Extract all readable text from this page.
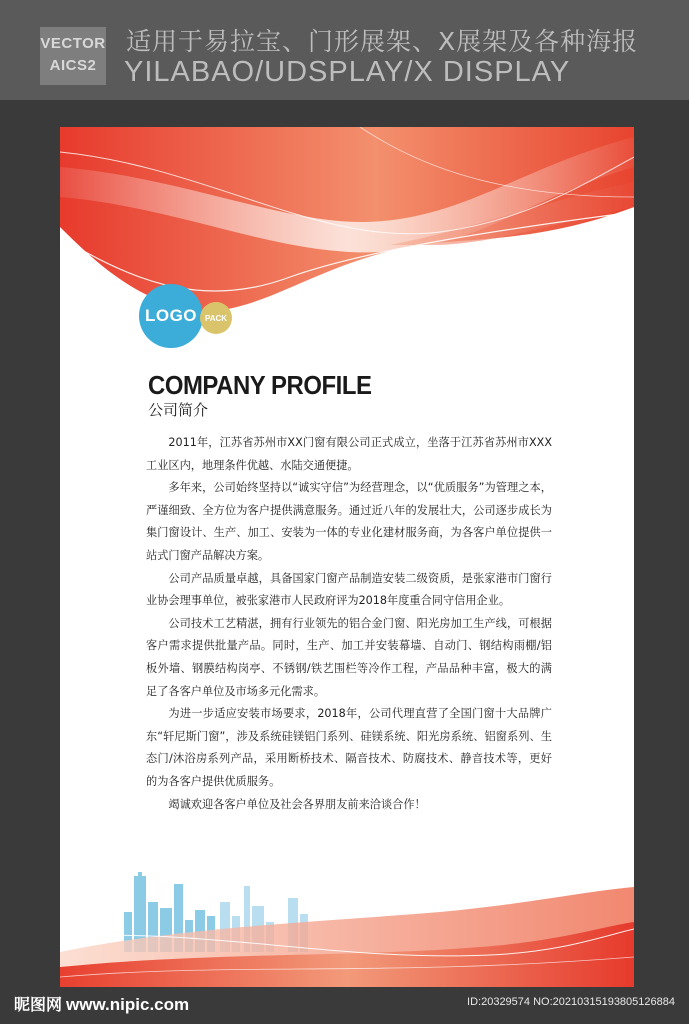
VECTOR
AICS2
适用于易拉宝、门形展架、X展架及各种海报
YILABAO/UDSPLAY/X DISPLAY
LOGO PACK
COMPANY PROFILE
公司简介

2011年，江苏省苏州市XX门窗有限公司正式成立，坐落于江苏省苏州市XXX工业区内，地理条件优越、水陆交通便捷。

多年来，公司始终坚持以“诚实守信”为经营理念，以“优质服务”为管理之本，严谨细致、全方位为客户提供满意服务。通过近八年的发展壮大，公司逐步成长为集门窗设计、生产、加工、安装为一体的专业化建材服务商，为各客户单位提供一站式门窗产品解决方案。

公司产品质量卓越，具备国家门窗产品制造安装二级资质，是张家港市门窗行业协会理事单位，被张家港市人民政府评为2018年度重合同守信用企业。

公司技术工艺精湛，拥有行业领先的铝合金门窗、阳光房加工生产线，可根据客户需求提供批量产品。同时，生产、加工并安装幕墙、自动门、钢结构雨棚/铝板外墙、钢膜结构岗亭、不锈钢/铁艺围栏等冷作工程，产品品种丰富，极大的满足了各客户单位及市场多元化需求。

为进一步适应安装市场要求，2018年，公司代理直营了全国门窗十大品牌广东“轩尼斯门窗”，涉及系统硅镁铝门系列、硅镁系统、阳光房系统、铝窗系列、生态门/沐浴房系列产品，采用断桥技术、隔音技术、防腐技术、静音技术等，更好的为各客户提供优质服务。

竭诚欢迎各客户单位及社会各界朋友前来洽谈合作！

昵图网 www.nipic.com	ID:20329574 NO:20210315193805126884
